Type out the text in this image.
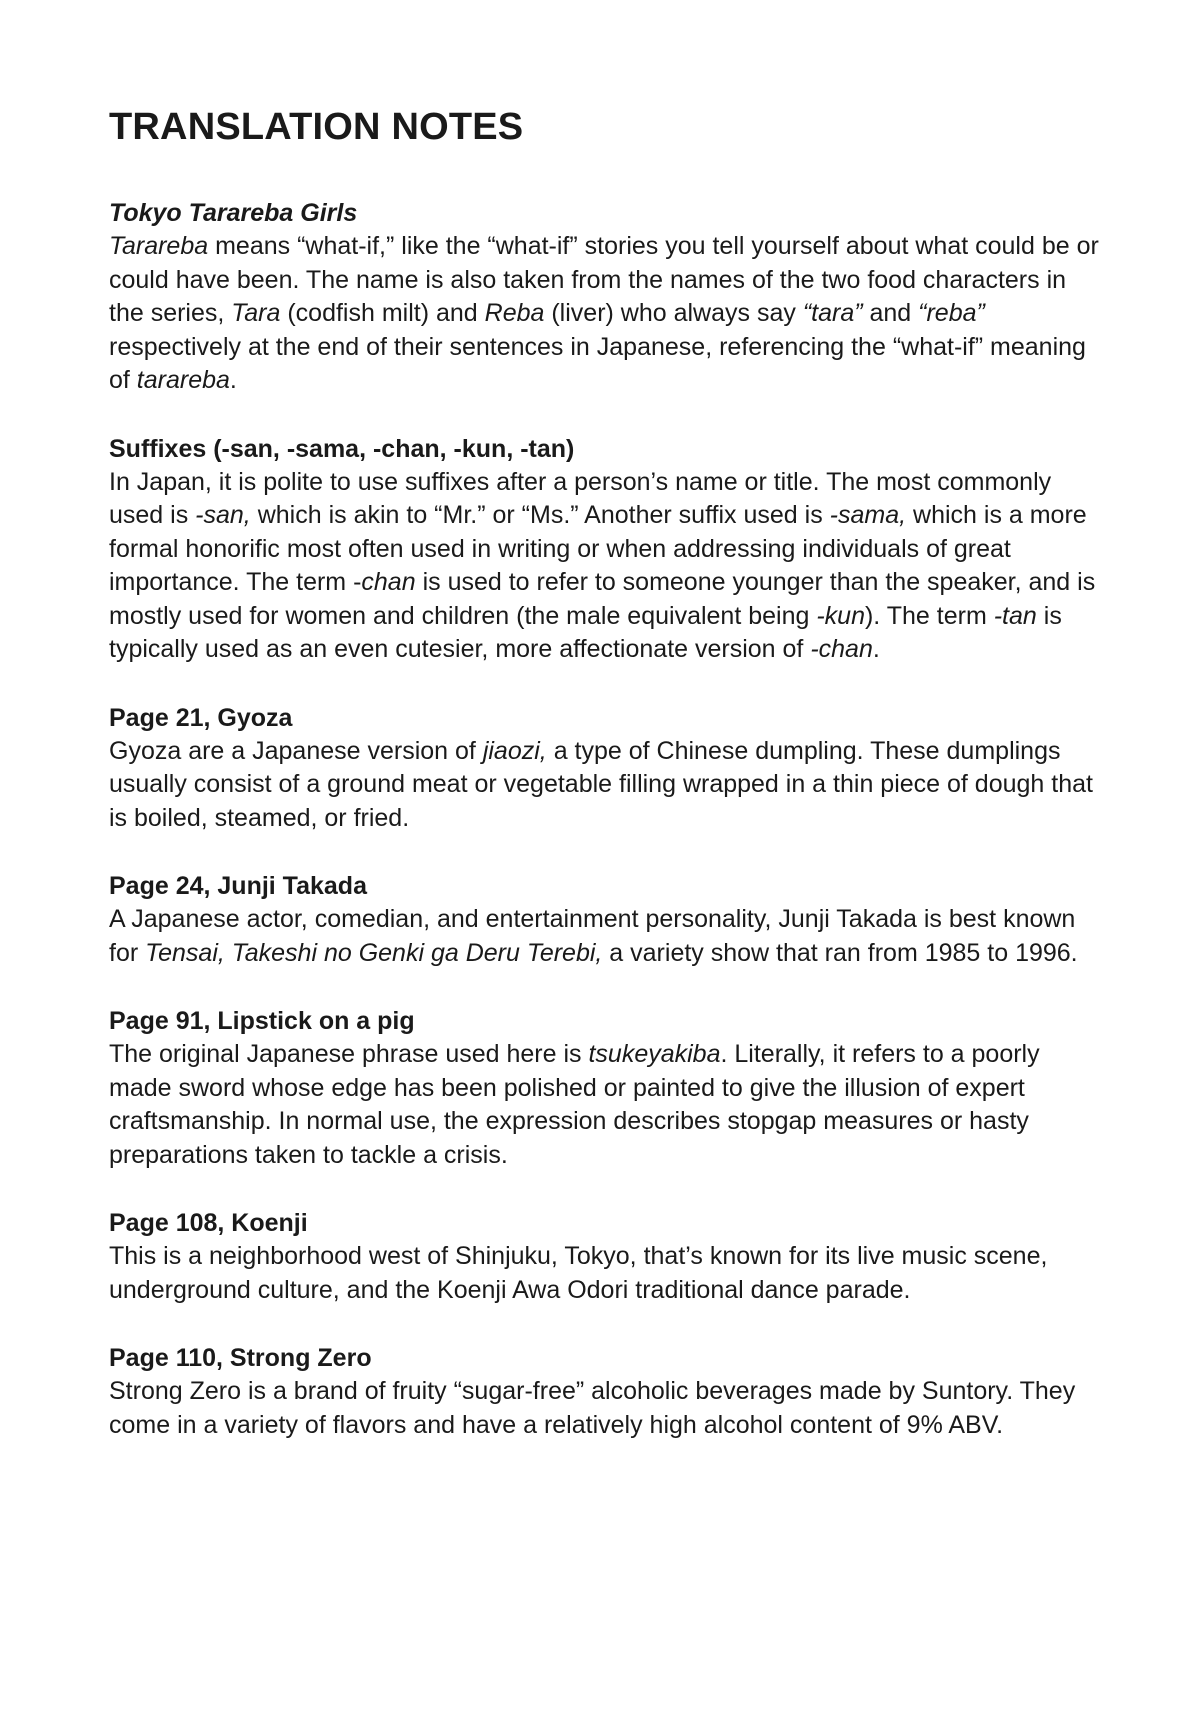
TRANSLATION NOTES

Tokyo Tarareba Girls

Tarareba means “what-if,” like the “what-if” stories you tell yourself about what could be or could have been. The name is also taken from the names of the two food characters in the series, Tara (codfish milt) and Reba (liver) who always say “tara” and “reba” respectively at the end of their sentences in Japanese, referencing the “what-if” meaning of tarareba.

Suffixes (-san, -sama, -chan, -kun, -tan)

In Japan, it is polite to use suffixes after a person’s name or title. The most commonly used is -san, which is akin to “Mr.” or “Ms.” Another suffix used is -sama, which is a more formal honorific most often used in writing or when addressing individuals of great importance. The term -chan is used to refer to someone younger than the speaker, and is mostly used for women and children (the male equivalent being -kun). The term -tan is typically used as an even cutesier, more affectionate version of -chan.

Page 21, Gyoza

Gyoza are a Japanese version of jiaozi, a type of Chinese dumpling. These dumplings usually consist of a ground meat or vegetable filling wrapped in a thin piece of dough that is boiled, steamed, or fried.

Page 24, Junji Takada

A Japanese actor, comedian, and entertainment personality, Junji Takada is best known for Tensai, Takeshi no Genki ga Deru Terebi, a variety show that ran from 1985 to 1996.

Page 91, Lipstick on a pig

The original Japanese phrase used here is tsukeyakiba. Literally, it refers to a poorly made sword whose edge has been polished or painted to give the illusion of expert craftsmanship. In normal use, the expression describes stopgap measures or hasty preparations taken to tackle a crisis.

Page 108, Koenji

This is a neighborhood west of Shinjuku, Tokyo, that’s known for its live music scene, underground culture, and the Koenji Awa Odori traditional dance parade.

Page 110, Strong Zero

Strong Zero is a brand of fruity “sugar-free” alcoholic beverages made by Suntory. They come in a variety of flavors and have a relatively high alcohol content of 9% ABV.
